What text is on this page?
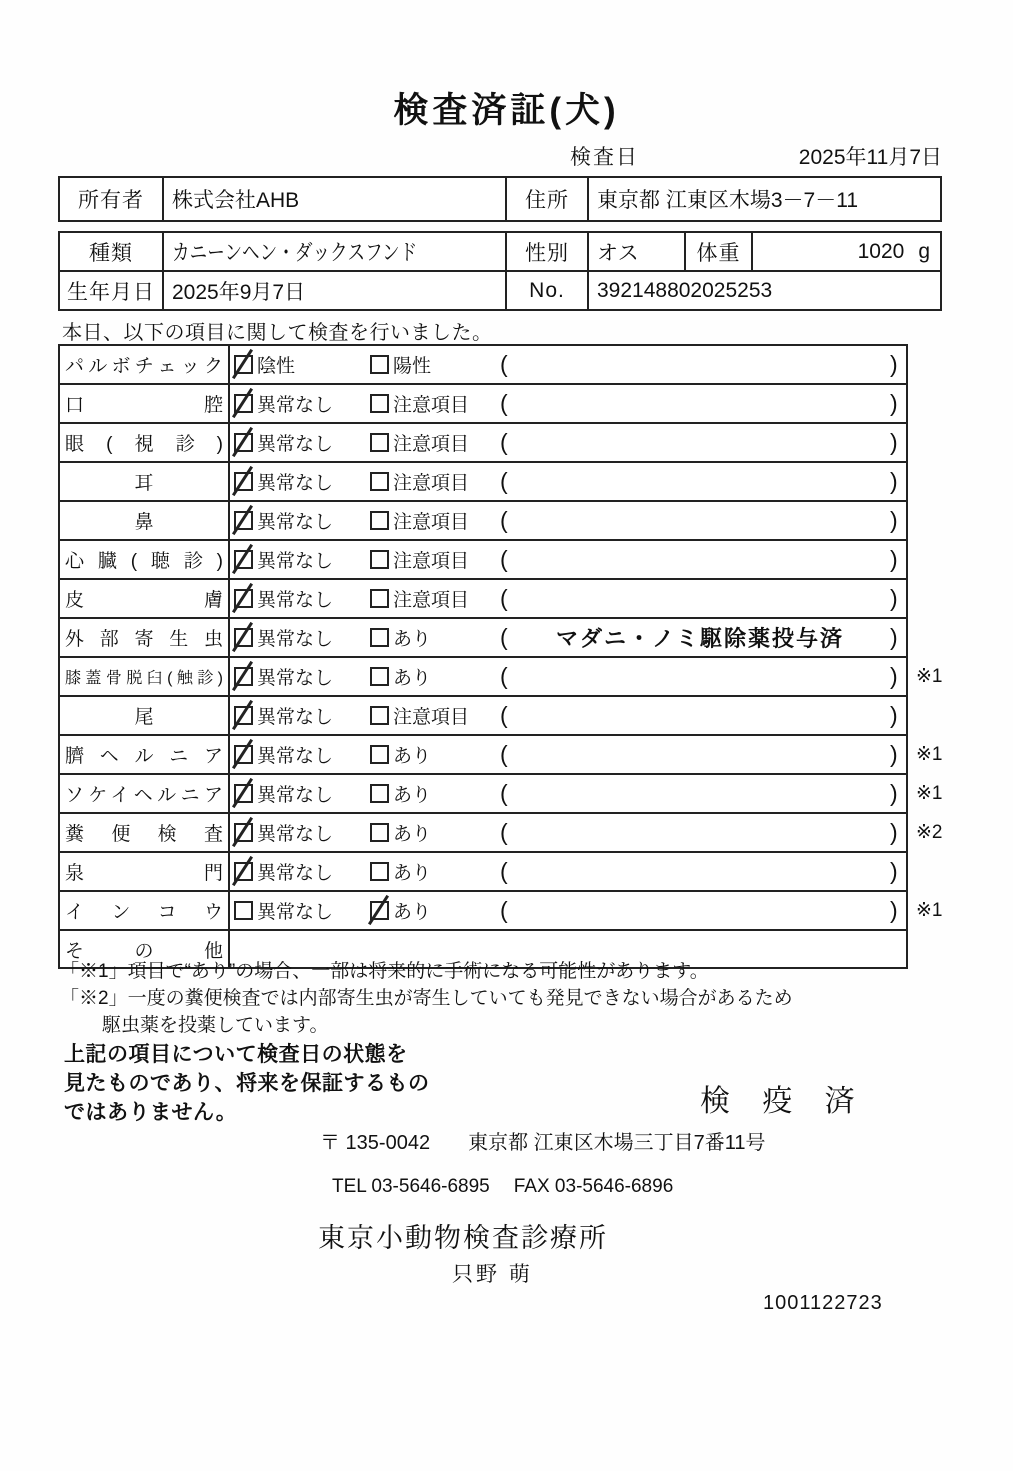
検査済証(犬)
検査日	2025年11月7日
所有者	株式会社AHB	住所	東京都 江東区木場3－7－11
種類	カニーンヘン・ダックスフンド	性別	オス	体重	1020 g
生年月日 2025年9月7日	No.	392148802025253
本日、以下の項目に関して検査を行いました。
パルボチェック 陰性	陽性	(	)
口腔 異常なし	注意項目 (	)
眼(視診) 異常なし	注意項目 (	)
耳	異常なし	注意項目 (	)
鼻	異常なし	注意項目 (	)
心臓(聴診) 異常なし	注意項目 (	)
皮膚 異常なし	注意項目 (	)
外部寄生虫 異常なし	あり	(	マダニ・ノミ駆除薬投与済	)
膝蓋骨脱臼(触診) 異常なし	あり	(	) ※1
尾	異常なし	注意項目 (	)
臍ヘルニア 異常なし	あり	(	) ※1
ソケイヘルニア 異常なし	あり	(	) ※1
糞便検査 異常なし	あり	(	) ※2
泉門 異常なし	あり	(	)
インコウ 異常なし	あり	(	) ※1
その他
「※1」項目で“あり”の場合、一部は将来的に手術になる可能性があります。
「※2」一度の糞便検査では内部寄生虫が寄生していても発見できない場合があるため
駆虫薬を投薬しています。
上記の項目について検査日の状態を
見たものであり、将来を保証するもの
ではありません。	検 疫 済
〒 135-0042 東京都 江東区木場三丁目7番11号
TEL 03-5646-6895 FAX 03-5646-6896
東京小動物検査診療所
只野 萌
1001122723
